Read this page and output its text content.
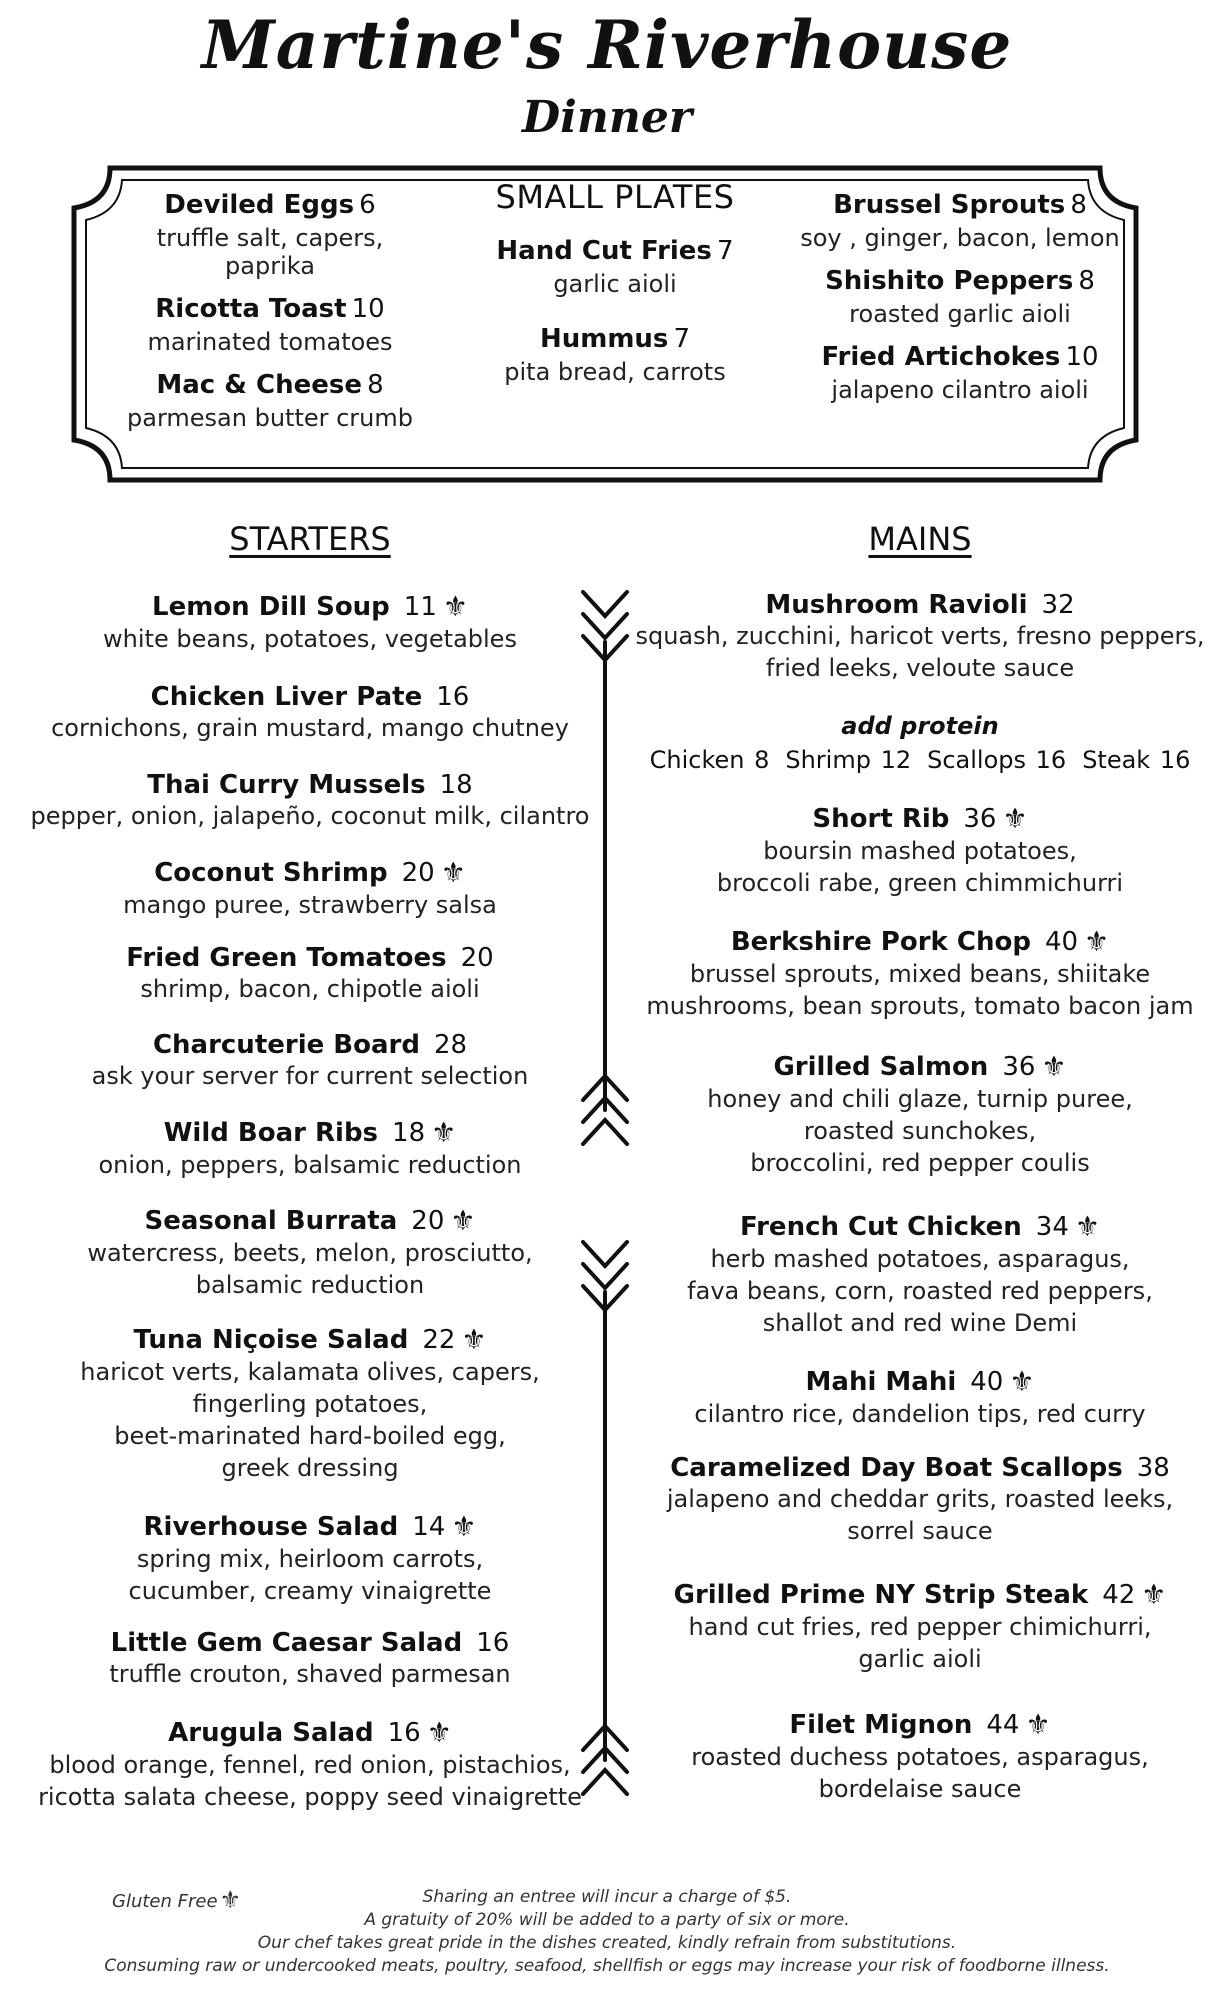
Martine's Riverhouse
Dinner
Deviled Eggs 6
truffle salt, capers, paprika
Ricotta Toast 10
marinated tomatoes
Mac & Cheese 8
parmesan butter crumb
SMALL PLATES
Hand Cut Fries 7
garlic aioli
Hummus 7
pita bread, carrots
Brussel Sprouts 8
soy , ginger, bacon, lemon
Shishito Peppers 8
roasted garlic aioli
Fried Artichokes 10
jalapeno cilantro aioli
STARTERS	MAINS
Lemon Dill Soup 11 ⚜
white beans, potatoes, vegetables
Chicken Liver Pate 16
cornichons, grain mustard, mango chutney
Thai Curry Mussels 18
pepper, onion, jalapeño, coconut milk, cilantro
Coconut Shrimp 20 ⚜
mango puree, strawberry salsa
Fried Green Tomatoes 20
shrimp, bacon, chipotle aioli
Charcuterie Board 28
ask your server for current selection
Wild Boar Ribs 18 ⚜
onion, peppers, balsamic reduction
Seasonal Burrata 20 ⚜
watercress, beets, melon, prosciutto,
balsamic reduction
Tuna Niçoise Salad 22 ⚜
haricot verts, kalamata olives, capers,
fingerling potatoes,
beet-marinated hard-boiled egg,
greek dressing
Riverhouse Salad 14 ⚜
spring mix, heirloom carrots,
cucumber, creamy vinaigrette
Little Gem Caesar Salad 16
truffle crouton, shaved parmesan
Arugula Salad 16 ⚜
blood orange, fennel, red onion, pistachios,
ricotta salata cheese, poppy seed vinaigrette
Mushroom Ravioli 32
squash, zucchini, haricot verts, fresno peppers,
fried leeks, veloute sauce
Short Rib 36 ⚜
boursin mashed potatoes,
broccoli rabe, green chimmichurri
Berkshire Pork Chop 40 ⚜
brussel sprouts, mixed beans, shiitake
mushrooms, bean sprouts, tomato bacon jam
Grilled Salmon 36 ⚜
honey and chili glaze, turnip puree,
roasted sunchokes,
broccolini, red pepper coulis
French Cut Chicken 34 ⚜
herb mashed potatoes, asparagus,
fava beans, corn, roasted red peppers,
shallot and red wine Demi
Mahi Mahi 40 ⚜
cilantro rice, dandelion tips, red curry
Caramelized Day Boat Scallops 38
jalapeno and cheddar grits, roasted leeks,
sorrel sauce
Grilled Prime NY Strip Steak 42 ⚜
hand cut fries, red pepper chimichurri,
garlic aioli
Filet Mignon 44 ⚜
roasted duchess potatoes, asparagus,
bordelaise sauce
add protein
Chicken 8 Shrimp 12 Scallops 16 Steak 16
Gluten Free⚜	Sharing an entree will incur a charge of $5.
A gratuity of 20% will be added to a party of six or more.
Our chef takes great pride in the dishes created, kindly refrain from substitutions.
Consuming raw or undercooked meats, poultry, seafood, shellfish or eggs may increase your risk of foodborne illness.
